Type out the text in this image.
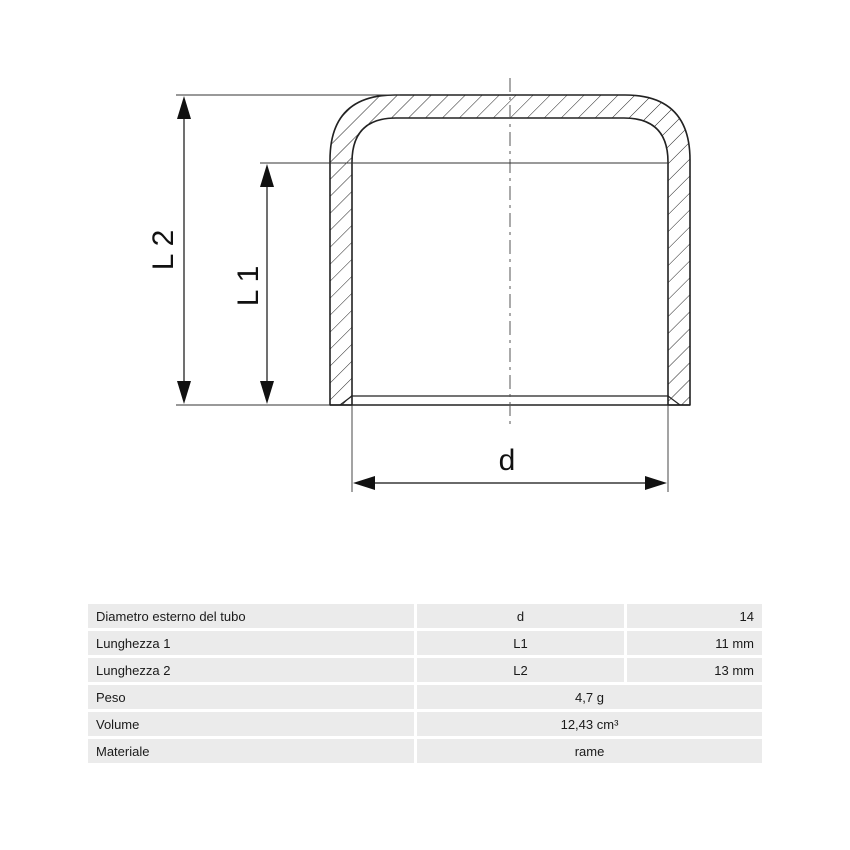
L 2
L 1
d
Diametro esterno del tubo	d	14
Lunghezza 1	L1	11 mm
Lunghezza 2	L2	13 mm
Peso	4,7 g	
Volume	12,43 cm³	
Materiale	rame	
